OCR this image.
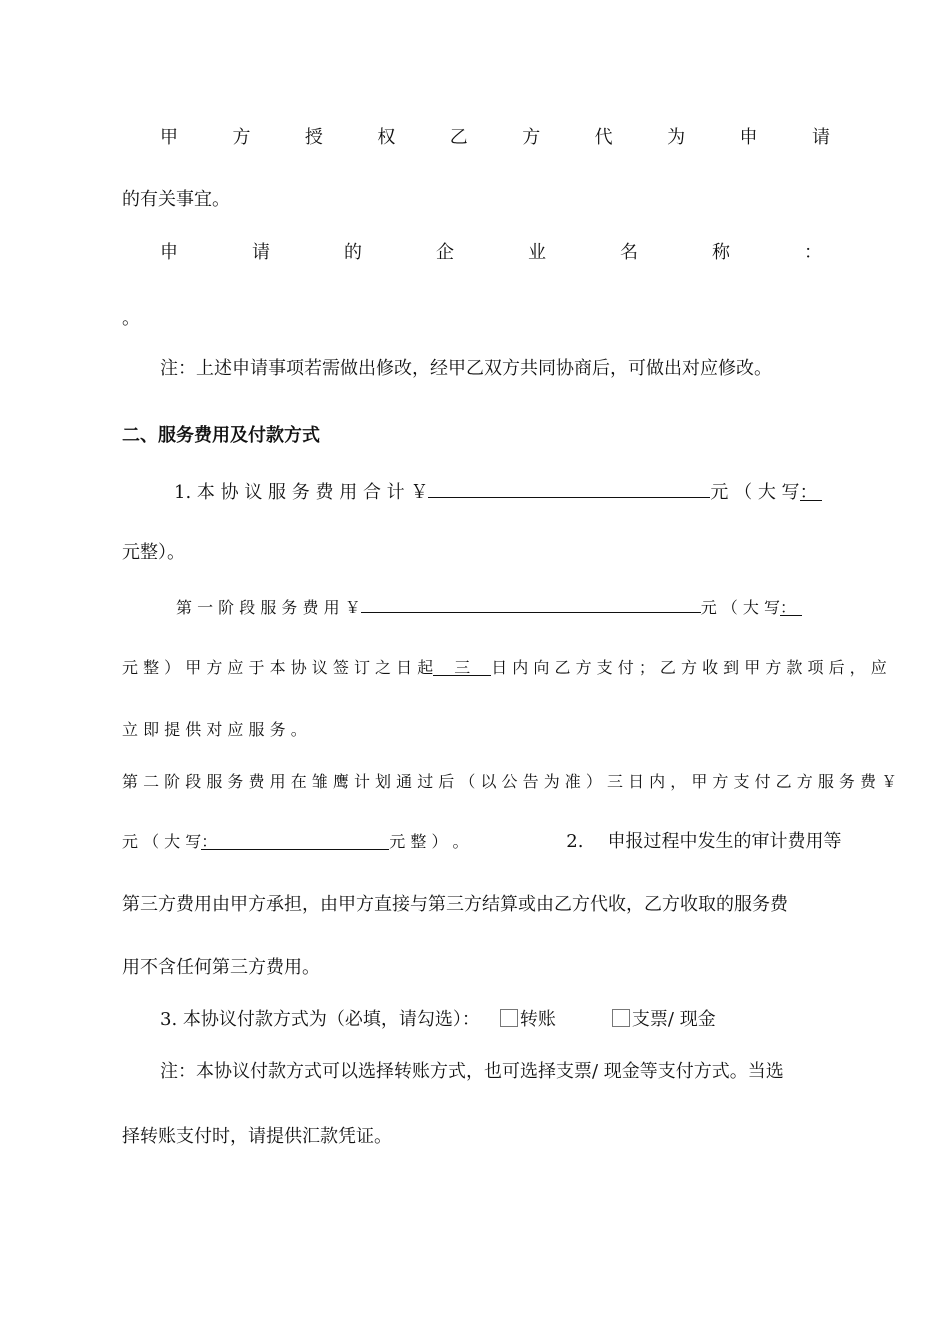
甲	方	授	权	乙	方	代	为	申	请
的有关事宜。
申	请	的	企	业	名	称	：
。
注：上述申请事项若需做出修改，经甲乙双方共同协商后，可做出对应修改。
二、服务费用及付款方式
1. 本 协 议 服 务 费 用 合 计 ￥	元 （ 大 写：
元整）。
第 一 阶 段 服 务 费 用 ￥	元 （ 大 写：
元 整 ） 甲 方 应 于 本 协 议 签 订 之 日 起 三 日 内 向 乙 方 支 付 ； 乙 方 收 到 甲 方 款 项 后 ， 应
立 即 提 供 对 应 服 务 。
第 二 阶 段 服 务 费 用 在 雏 鹰 计 划 通 过 后 （ 以 公 告 为 准 ） 三 日 内 ， 甲 方 支 付 乙 方 服 务 费 ￥
元 （ 大 写：	元 整 ） 。	2. 申报过程中发生的审计费用等
第三方费用由甲方承担，由甲方直接与第三方结算或由乙方代收，乙方收取的服务费
用不含任何第三方费用。
3. 本协议付款方式为（必填，请勾选）： 转账	支票/ 现金
注：本协议付款方式可以选择转账方式，也可选择支票/ 现金等支付方式。当选
择转账支付时，请提供汇款凭证。
